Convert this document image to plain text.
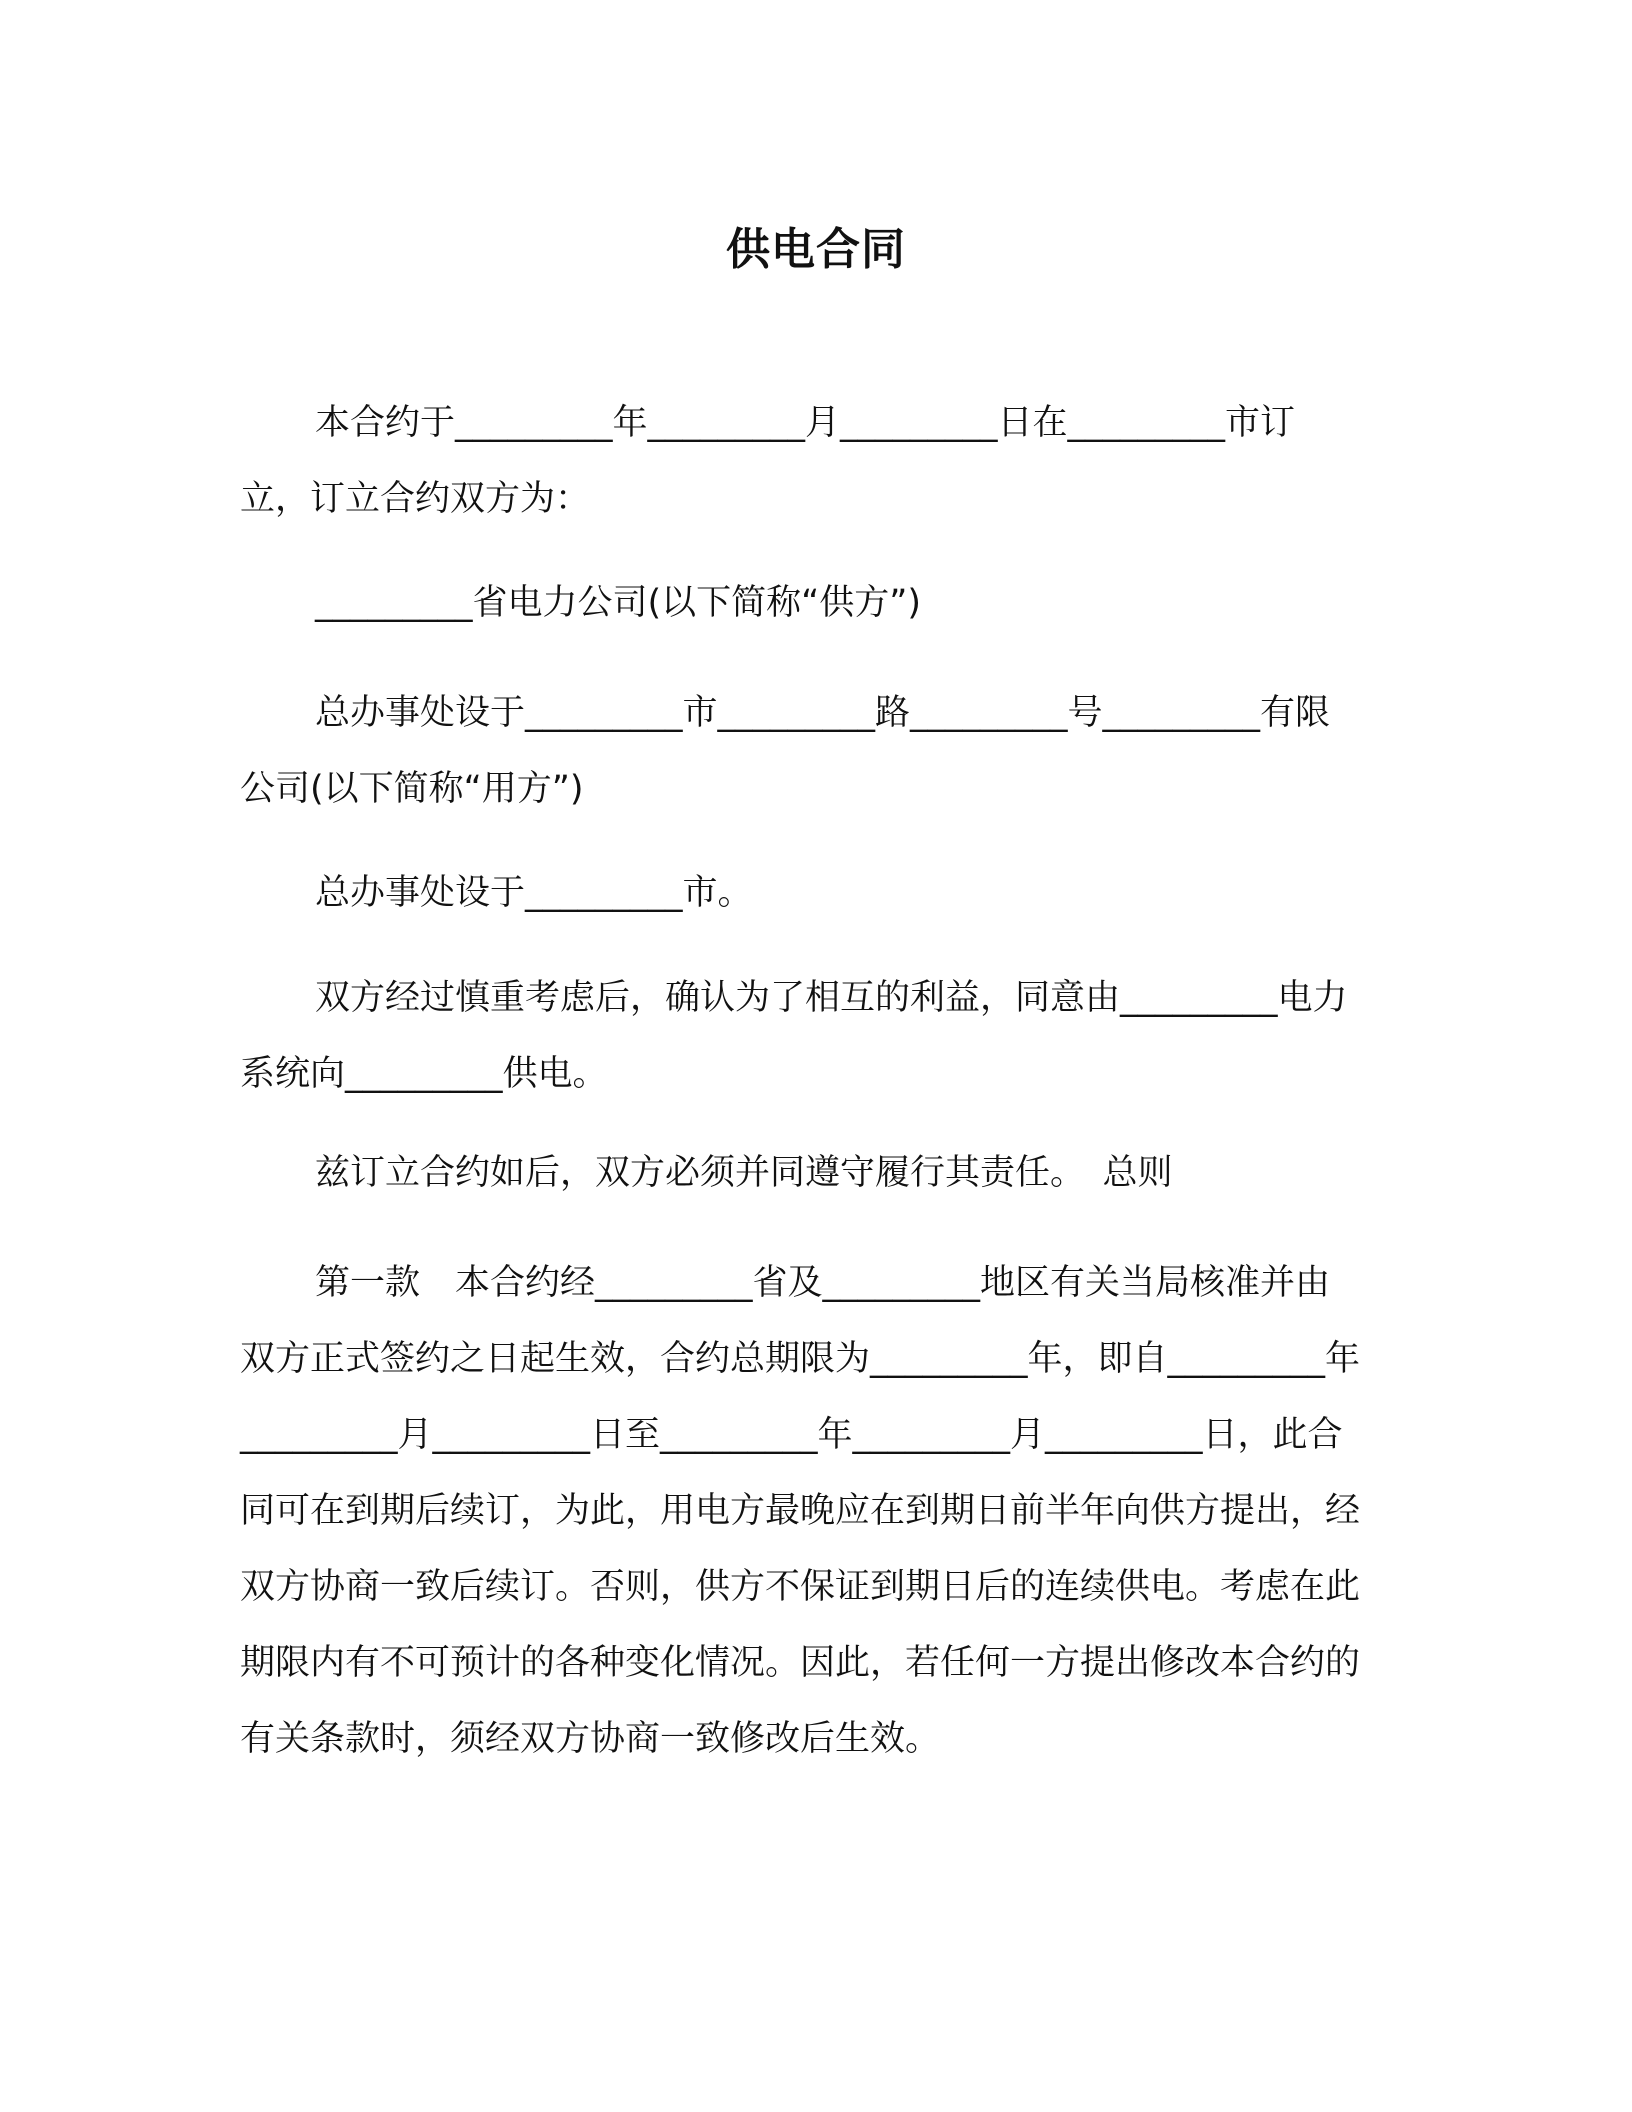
供电合同
本合约于_________年_________月_________日在_________市订立，订立合约双方为：
_________省电力公司(以下简称“供方”)
总办事处设于_________市_________路_________号_________有限公司(以下简称“用方”)
总办事处设于_________市。
双方经过慎重考虑后，确认为了相互的利益，同意由_________电力系统向_________供电。
兹订立合约如后，双方必须并同遵守履行其责任。　总则
第一款　本合约经_________省及_________地区有关当局核准并由双方正式签约之日起生效，合约总期限为_________年，即自_________年_________月_________日至_________年_________月_________日，此合同可在到期后续订，为此，用电方最晚应在到期日前半年向供方提出，经双方协商一致后续订。否则，供方不保证到期日后的连续供电。考虑在此期限内有不可预计的各种变化情况。因此，若任何一方提出修改本合约的有关条款时，须经双方协商一致修改后生效。
